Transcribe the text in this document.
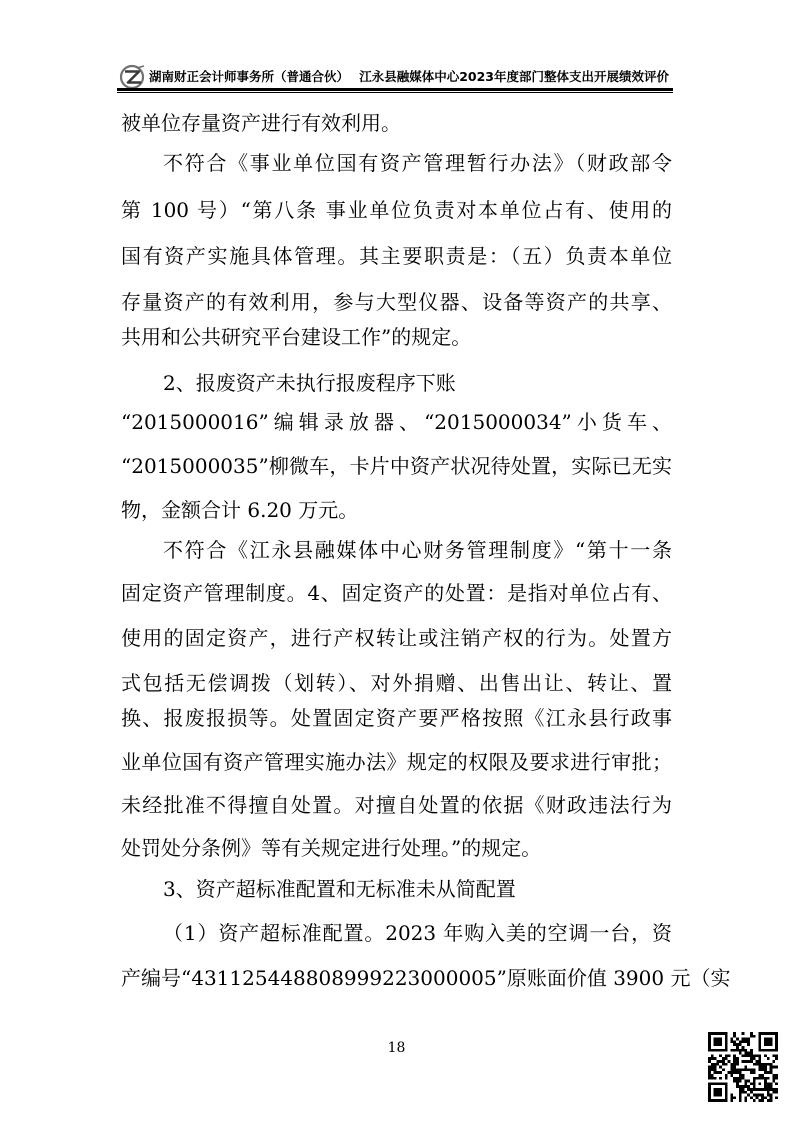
湖南财正会计师事务所（普通合伙） 江永县融媒体中心2023年度部门整体支出开展绩效评价
被单位存量资产进行有效利用。
不符合《事业单位国有资产管理暂行办法》（财政部令
第 100 号）“第八条 事业单位负责对本单位占有、使用的
国有资产实施具体管理。其主要职责是：（五）负责本单位
存量资产的有效利用，参与大型仪器、设备等资产的共享、
共用和公共研究平台建设工作”的规定。
2、报废资产未执行报废程序下账
“2015000016”编辑录放器、“2015000034”小货车、
“2015000035”柳微车，卡片中资产状况待处置，实际已无实
物，金额合计 6.20 万元。
不符合《江永县融媒体中心财务管理制度》“第十一条
固定资产管理制度。4、固定资产的处置：是指对单位占有、
使用的固定资产，进行产权转让或注销产权的行为。处置方
式包括无偿调拨（划转）、对外捐赠、出售出让、转让、置
换、报废报损等。处置固定资产要严格按照《江永县行政事
业单位国有资产管理实施办法》规定的权限及要求进行审批；
未经批准不得擅自处置。对擅自处置的依据《财政违法行为
处罚处分条例》等有关规定进行处理。”的规定。
3、资产超标准配置和无标准未从简配置
（1）资产超标准配置。2023 年购入美的空调一台，资
产编号“431125448808999223000005”原账面价值 3900 元（实
18
